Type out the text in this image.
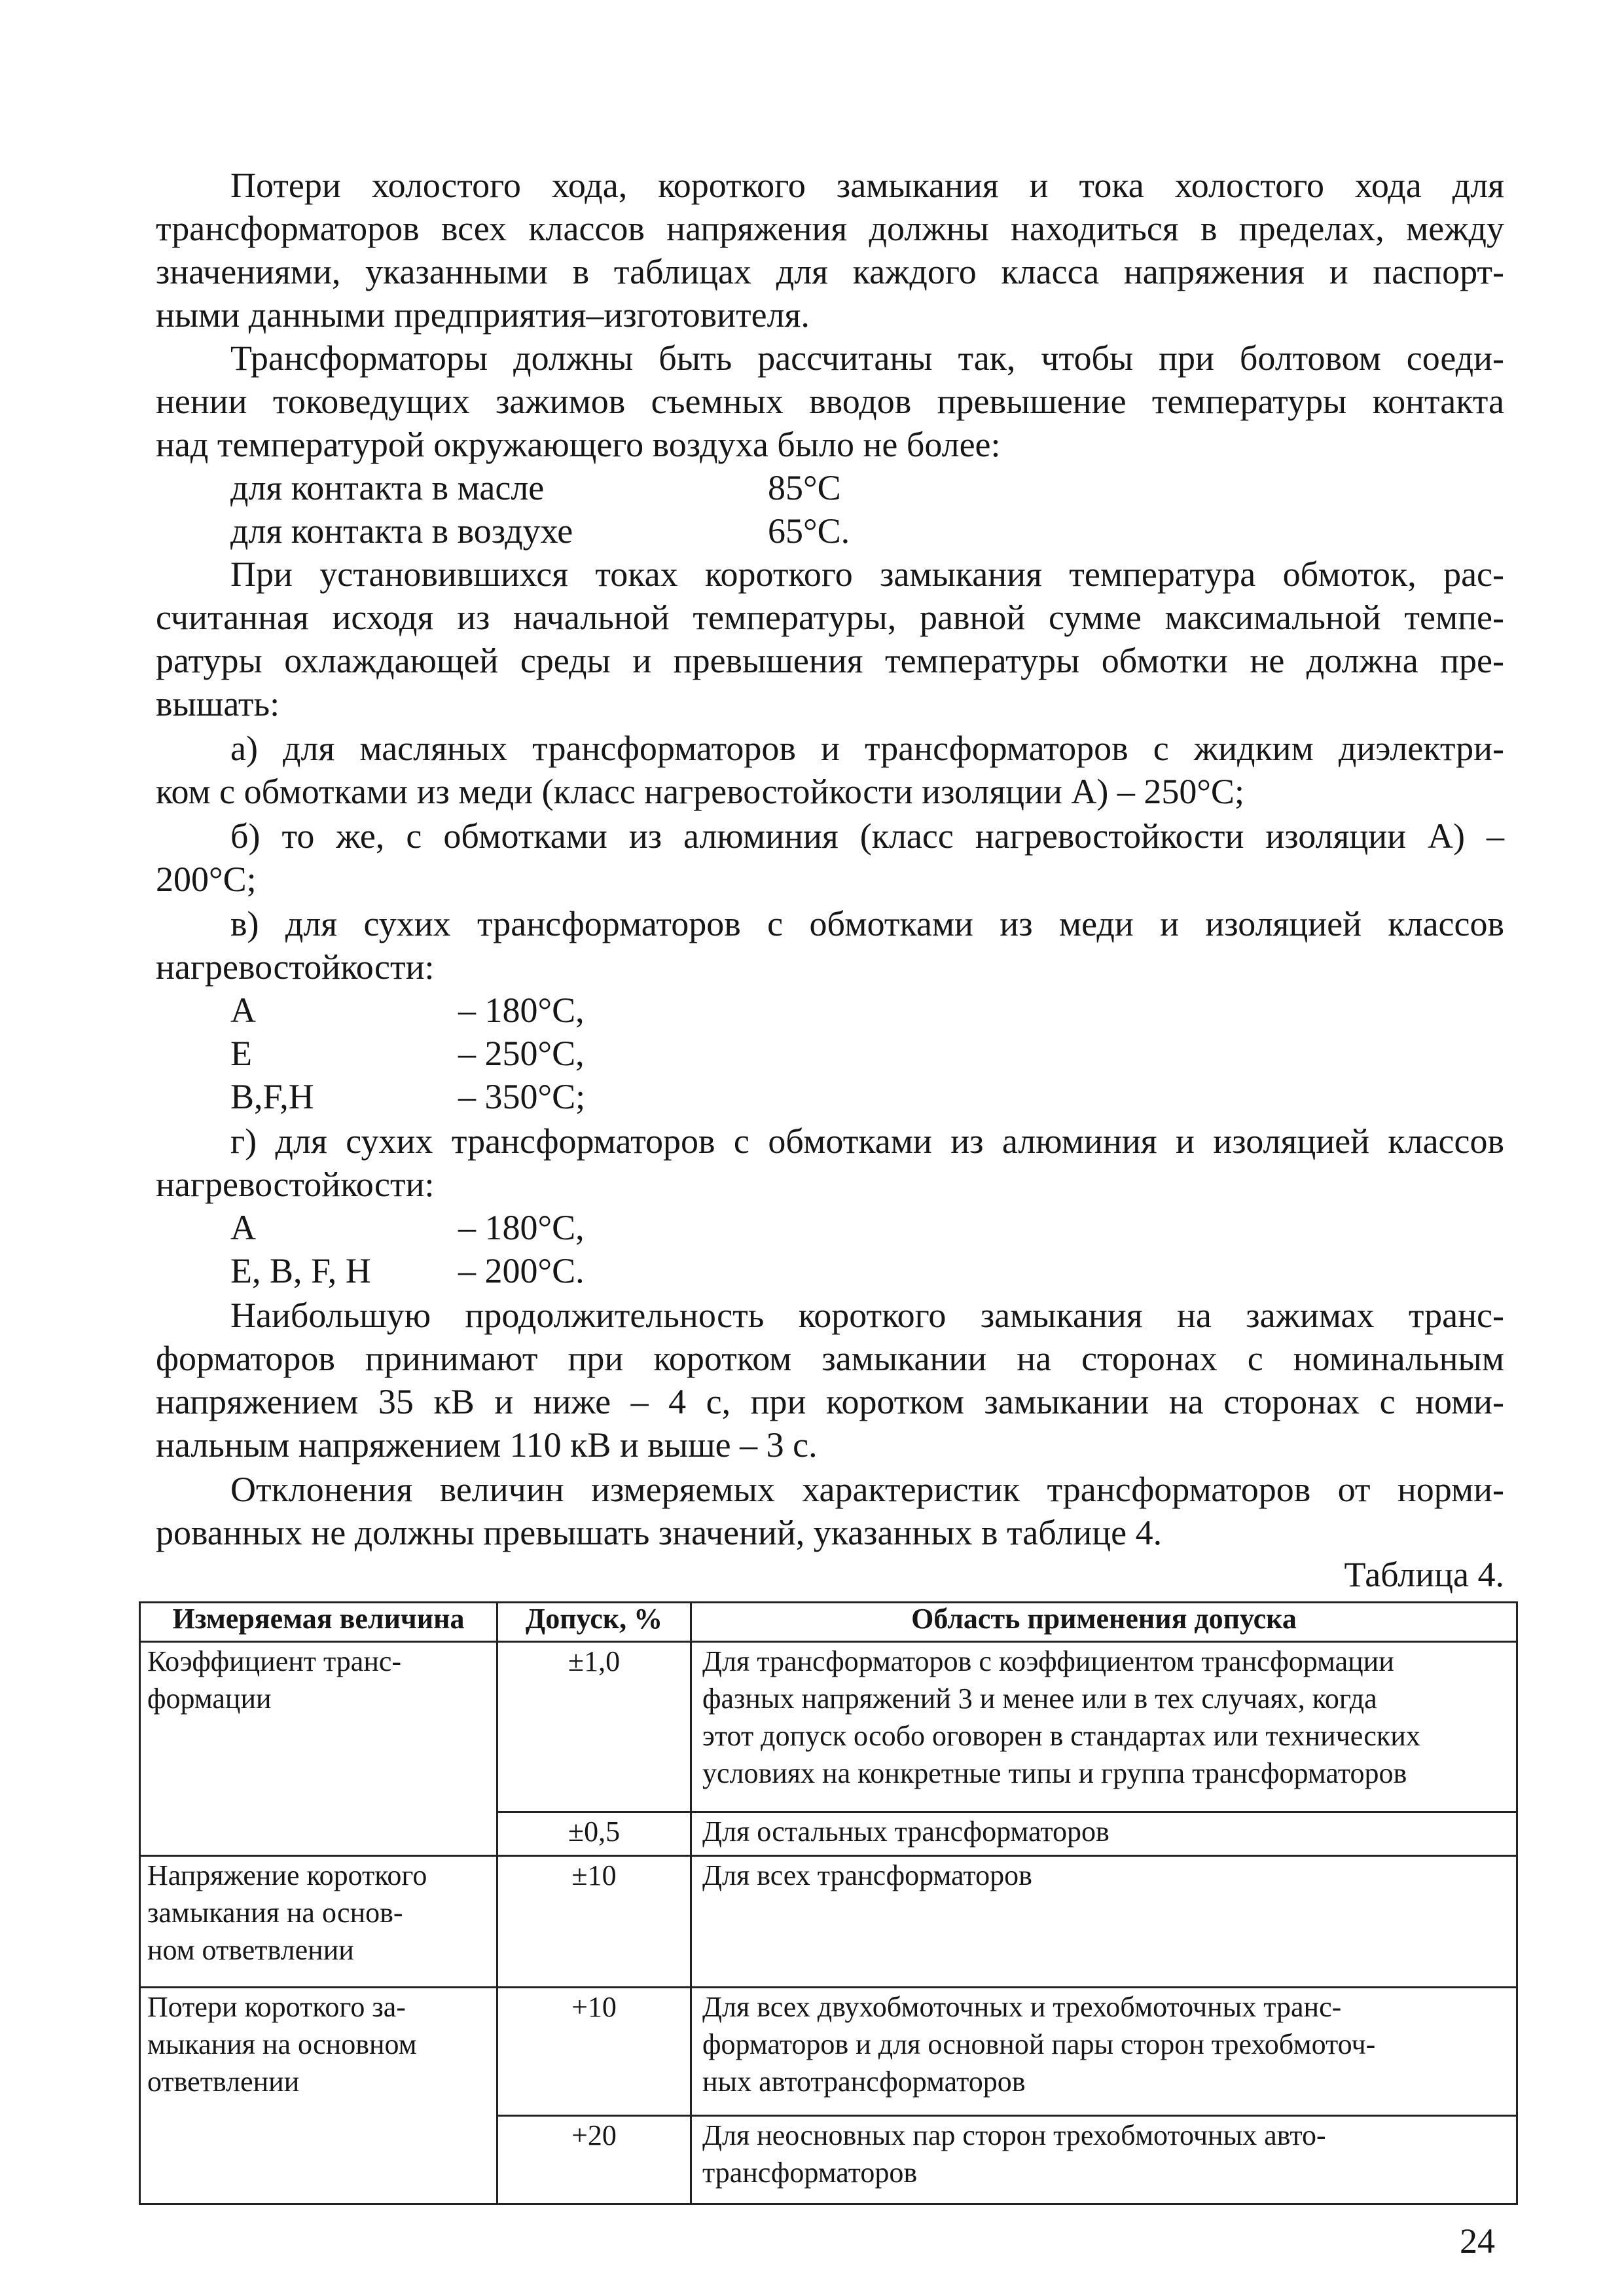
Потери холостого хода, короткого замыкания и тока холостого хода для
трансформаторов всех классов напряжения должны находиться в пределах, между
значениями, указанными в таблицах для каждого класса напряжения и паспорт-
ными данными предприятия–изготовителя.
Трансформаторы должны быть рассчитаны так, чтобы при болтовом соеди-
нении токоведущих зажимов съемных вводов превышение температуры контакта
над температурой окружающего воздуха было не более:
для контакта в масле	85°С
для контакта в воздухе	65°С.
При установившихся токах короткого замыкания температура обмоток, рас-
считанная исходя из начальной температуры, равной сумме максимальной темпе-
ратуры охлаждающей среды и превышения температуры обмотки не должна пре-
вышать:
а) для масляных трансформаторов и трансформаторов с жидким диэлектри-
ком с обмотками из меди (класс нагревостойкости изоляции А) – 250°С;
б) то же, с обмотками из алюминия (класс нагревостойкости изоляции А) –
200°С;
в) для сухих трансформаторов с обмотками из меди и изоляцией классов
нагревостойкости:
А	– 180°С,
Е	– 250°С,
В,F,Н	– 350°С;
г) для сухих трансформаторов с обмотками из алюминия и изоляцией классов
нагревостойкости:
А	– 180°С,
Е, В, F, Н – 200°С.
Наибольшую продолжительность короткого замыкания на зажимах транс-
форматоров принимают при коротком замыкании на сторонах с номинальным
напряжением 35 кВ и ниже – 4 с, при коротком замыкании на сторонах с номи-
нальным напряжением 110 кВ и выше – 3 с.
Отклонения величин измеряемых характеристик трансформаторов от норми-
рованных не должны превышать значений, указанных в таблице 4.
Таблица 4.
Измеряемая величина	Допуск, %	Область применения допуска

Коэффициент транс-
формации	±1,0	Для трансформаторов с коэффициентом трансформации
фазных напряжений 3 и менее или в тех случаях, когда
этот допуск особо оговорен в стандартах или технических
условиях на конкретные типы и группа трансформаторов

	±0,5	Для остальных трансформаторов

Напряжение короткого
замыкания на основ-
ном ответвлении	±10	Для всех трансформаторов

Потери короткого за-
мыкания на основном
ответвлении	+10	Для всех двухобмоточных и трехобмоточных транс-
форматоров и для основной пары сторон трехобмоточ-
ных автотрансформаторов

	+20	Для неосновных пар сторон трехобмоточных авто-
трансформаторов
24
